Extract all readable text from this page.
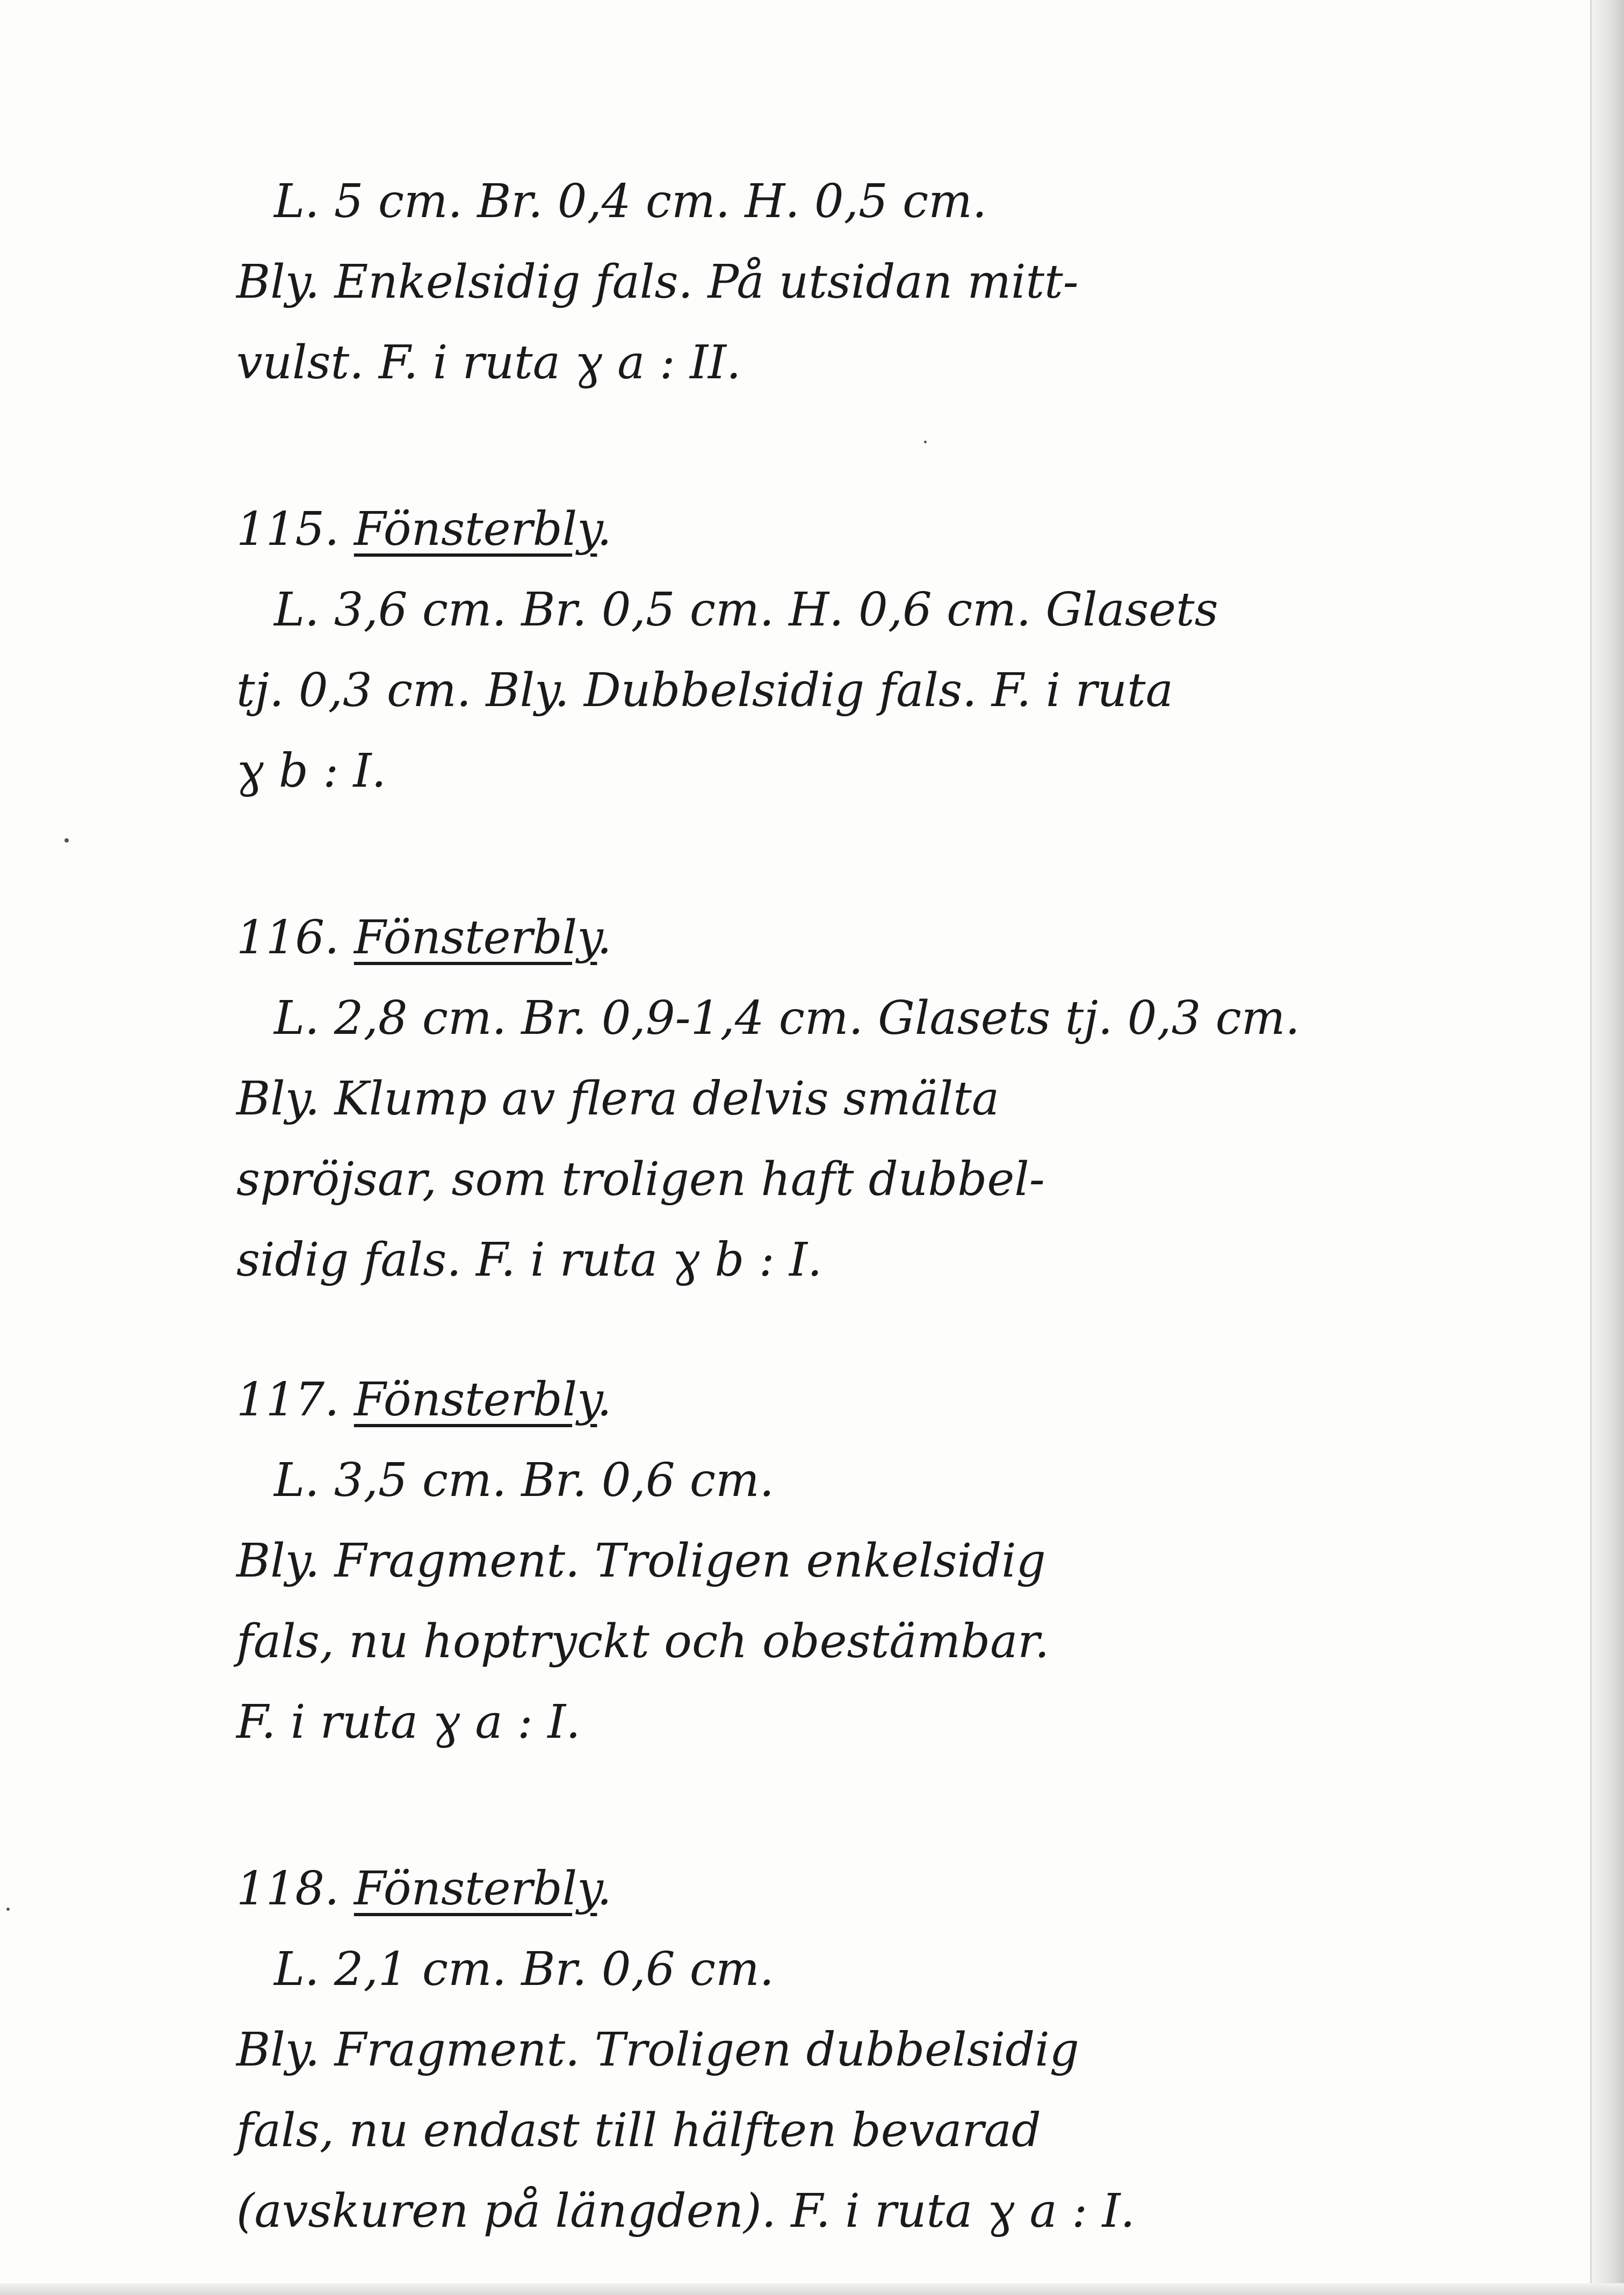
L. 5 cm. Br. 0,4 cm. H. 0,5 cm.
Bly. Enkelsidig fals. På utsidan mitt-
vulst. F. i ruta ɣ a : II.
115. Fönsterbly.
L. 3,6 cm. Br. 0,5 cm. H. 0,6 cm. Glasets
tj. 0,3 cm. Bly. Dubbelsidig fals. F. i ruta
ɣ b : I.
116. Fönsterbly.
L. 2,8 cm. Br. 0,9-1,4 cm. Glasets tj. 0,3 cm.
Bly. Klump av flera delvis smälta
spröjsar, som troligen haft dubbel-
sidig fals. F. i ruta ɣ b : I.
117. Fönsterbly.
L. 3,5 cm. Br. 0,6 cm.
Bly. Fragment. Troligen enkelsidig
fals, nu hoptryckt och obestämbar.
F. i ruta ɣ a : I.
118. Fönsterbly.
L. 2,1 cm. Br. 0,6 cm.
Bly. Fragment. Troligen dubbelsidig
fals, nu endast till hälften bevarad
(avskuren på längden). F. i ruta ɣ a : I.
